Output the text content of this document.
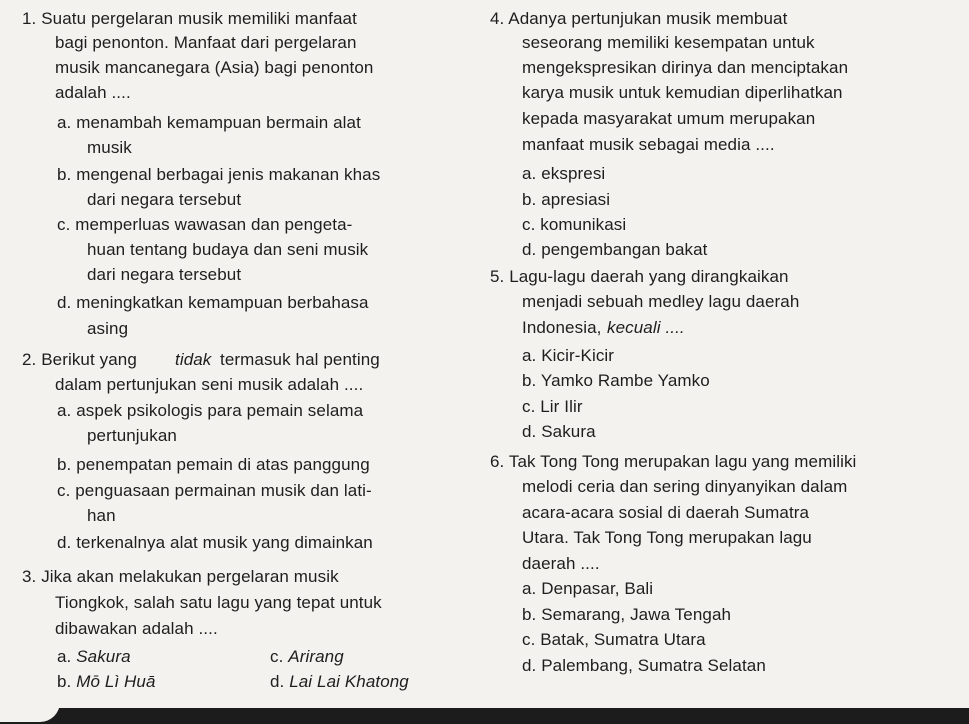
1. Suatu pergelaran musik memiliki manfaat
bagi penonton. Manfaat dari pergelaran
musik mancanegara (Asia) bagi penonton
adalah ....
a. menambah kemampuan bermain alat
musik
b. mengenal berbagai jenis makanan khas
dari negara tersebut
c. memperluas wawasan dan pengeta-
huan tentang budaya dan seni musik
dari negara tersebut
d. meningkatkan kemampuan berbahasa
asing
2. Berikut yang
dalam pertunjukan seni musik adalah ....
a. aspek psikologis para pemain selama
pertunjukan
b. penempatan pemain di atas panggung
c. penguasaan permainan musik dan lati-
han
d. terkenalnya alat musik yang dimainkan
3. Jika akan melakukan pergelaran musik
Tiongkok, salah satu lagu yang tepat untuk
dibawakan adalah ....
4. Adanya pertunjukan musik membuat
seseorang memiliki kesempatan untuk
mengekspresikan dirinya dan menciptakan
karya musik untuk kemudian diperlihatkan
kepada masyarakat umum merupakan
manfaat musik sebagai media ....
a. ekspresi
b. apresiasi
c. komunikasi
d. pengembangan bakat
5. Lagu-lagu daerah yang dirangkaikan
menjadi sebuah medley lagu daerah
Indonesia,
a. Kicir-Kicir
b. Yamko Rambe Yamko
c. Lir Ilir
d. Sakura
6. Tak Tong Tong merupakan lagu yang memiliki
melodi ceria dan sering dinyanyikan dalam
acara-acara sosial di daerah Sumatra
Utara. Tak Tong Tong merupakan lagu
daerah ....
a. Denpasar, Bali
b. Semarang, Jawa Tengah
c. Batak, Sumatra Utara
d. Palembang, Sumatra Selatan
tidak termasuk hal penting
kecuali ....
a. Sakura	c. Arirang
b. Mō Lì Huā	d. Lai Lai Khatong
